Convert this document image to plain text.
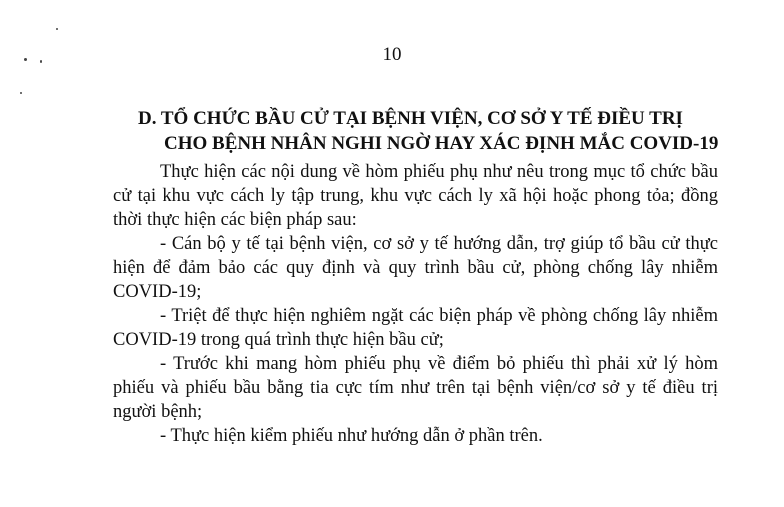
10
D. TỔ CHỨC BẦU CỬ TẠI BỆNH VIỆN, CƠ SỞ Y TẾ ĐIỀU TRỊ
CHO BỆNH NHÂN NGHI NGỜ HAY XÁC ĐỊNH MẮC COVID-19
Thực hiện các nội dung về hòm phiếu phụ như nêu trong mục tổ chức bầu cử tại khu vực cách ly tập trung, khu vực cách ly xã hội hoặc phong tỏa; đồng thời thực hiện các biện pháp sau:
- Cán bộ y tế tại bệnh viện, cơ sở y tế hướng dẫn, trợ giúp tổ bầu cử thực hiện để đảm bảo các quy định và quy trình bầu cử, phòng chống lây nhiễm COVID-19;
- Triệt để thực hiện nghiêm ngặt các biện pháp về phòng chống lây nhiễm COVID-19 trong quá trình thực hiện bầu cử;
- Trước khi mang hòm phiếu phụ về điểm bỏ phiếu thì phải xử lý hòm phiếu và phiếu bầu bằng tia cực tím như trên tại bệnh viện/cơ sở y tế điều trị người bệnh;
- Thực hiện kiểm phiếu như hướng dẫn ở phần trên.
